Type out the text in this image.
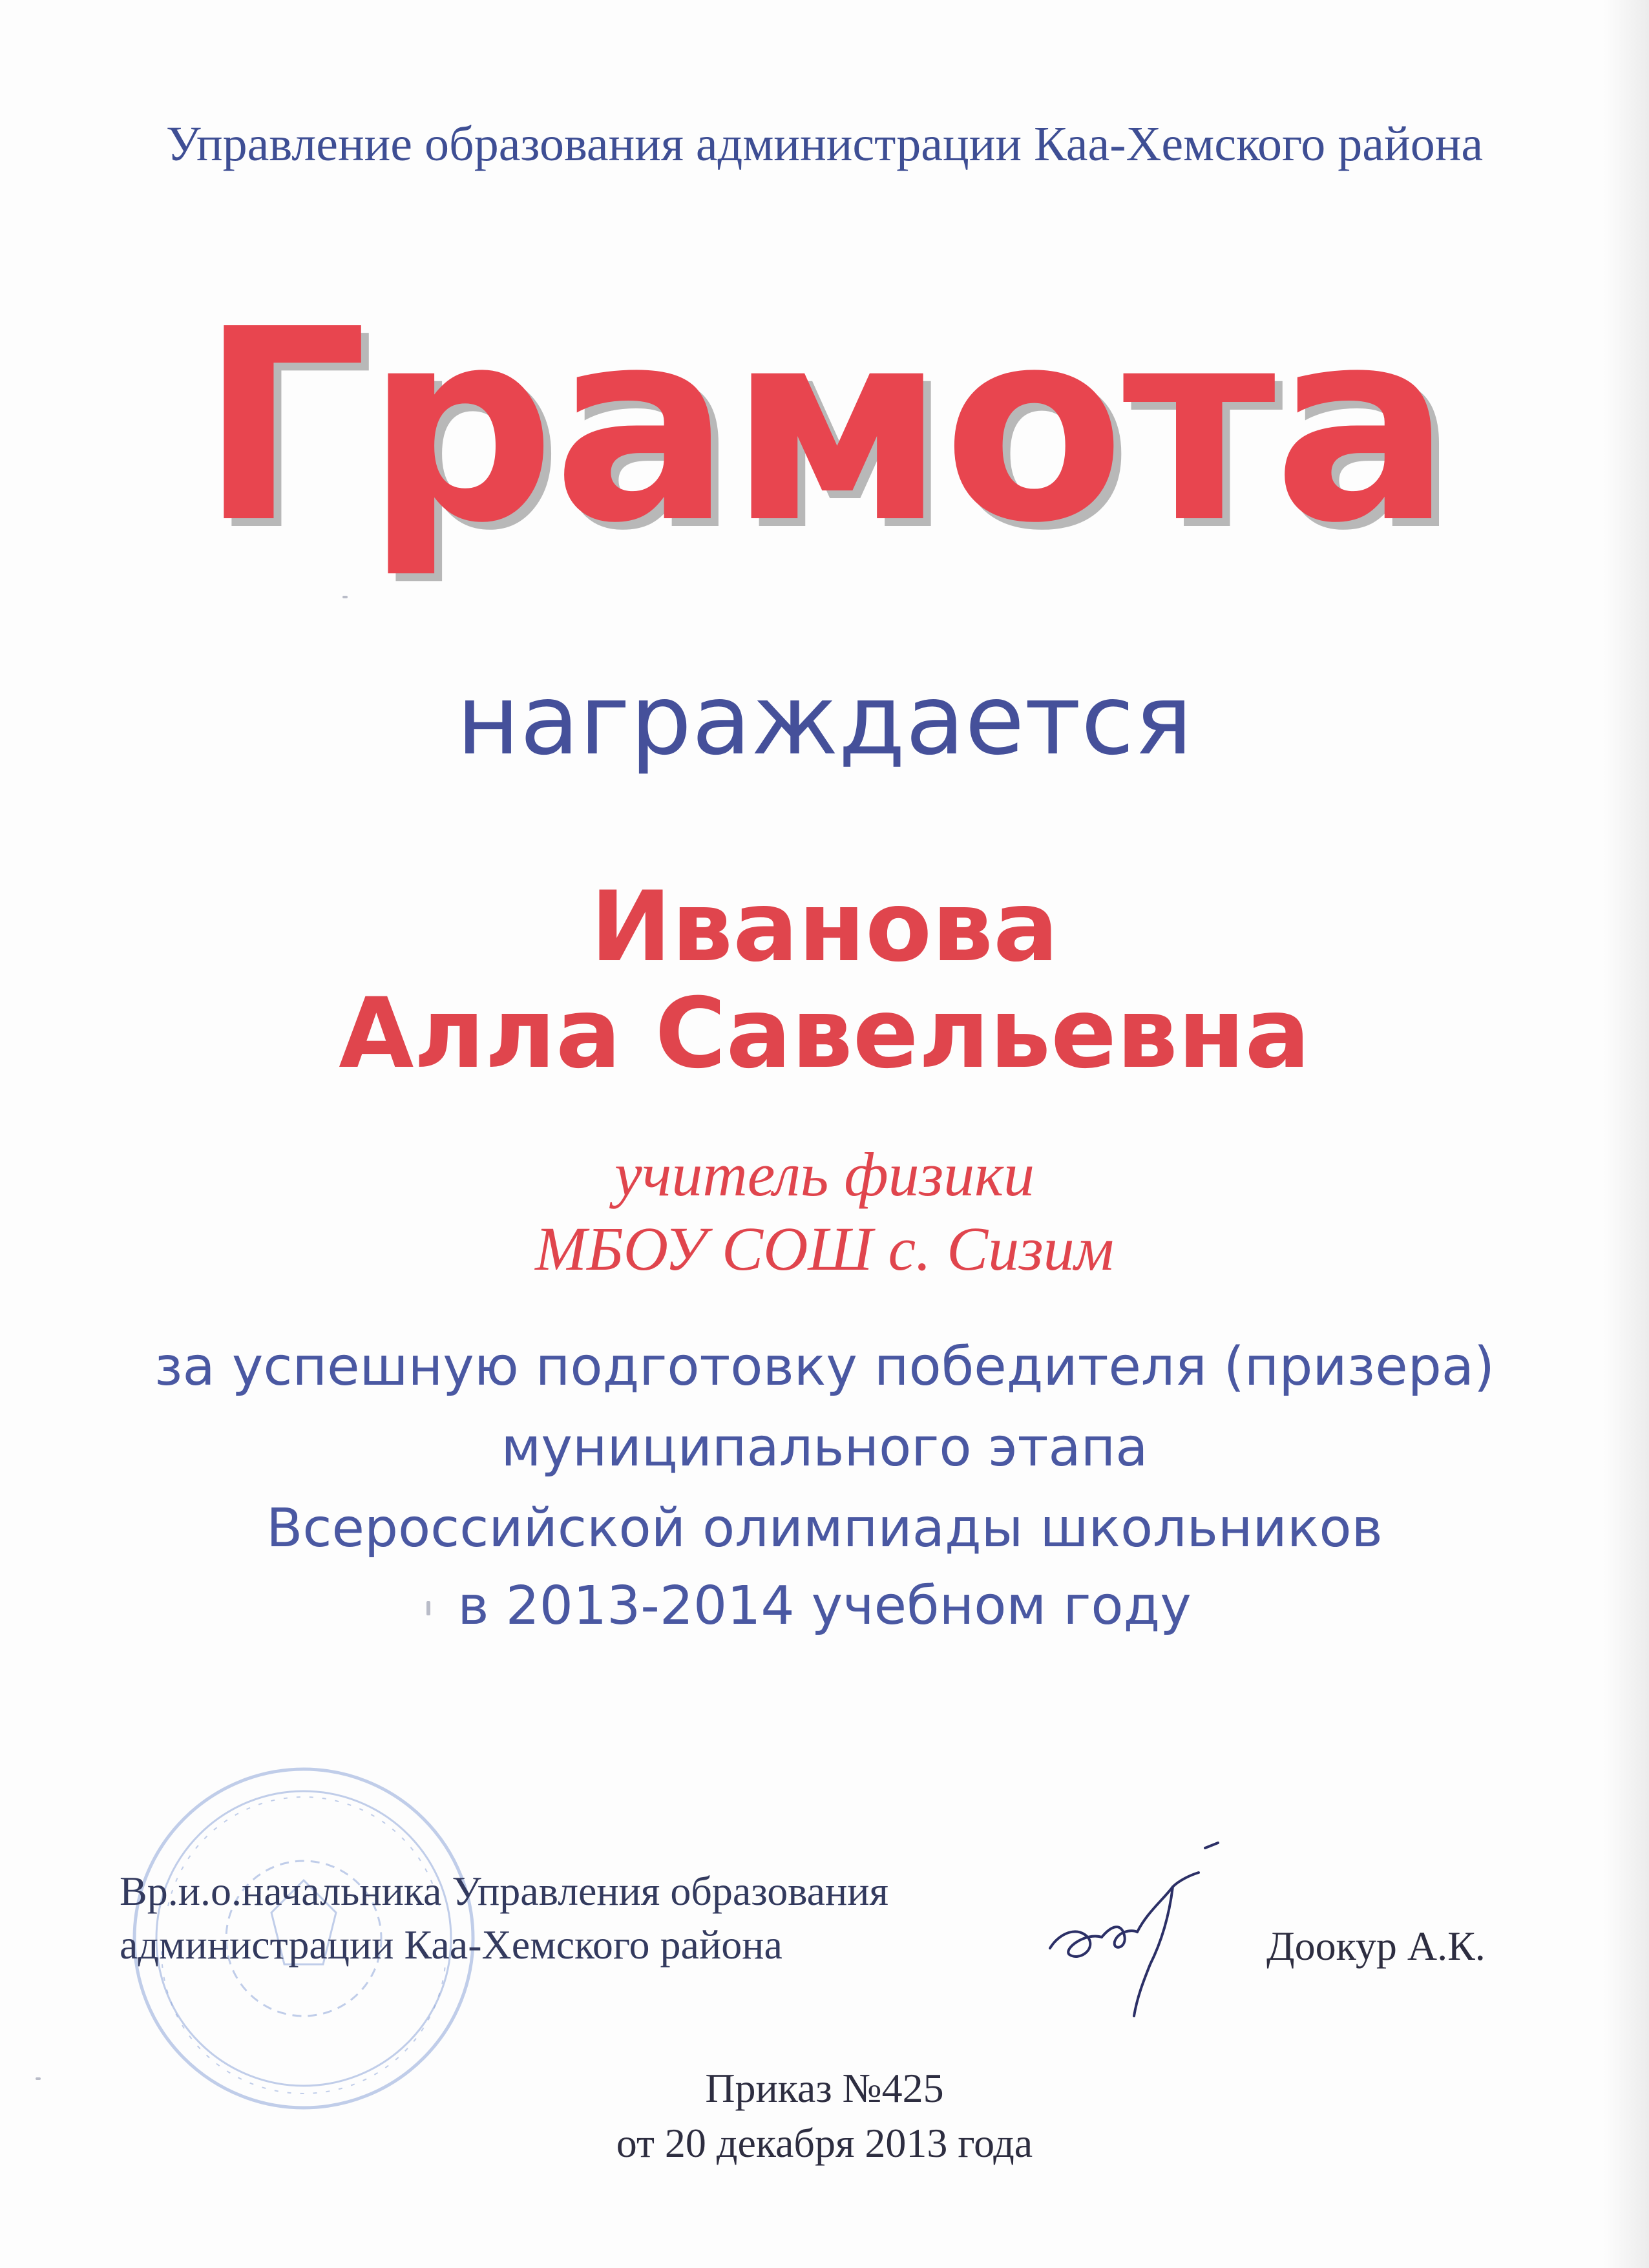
Управление образования администрации Каа-Хемского района
Грамота
награждается
Иванова
Алла Савельевна
учитель физики
МБОУ СОШ с. Сизим
за успешную подготовку победителя (призера)
муниципального этапа
Всероссийской олимпиады школьников
в 2013-2014 учебном году
Вр.и.о.начальника Управления образования
администрации Каа-Хемского района	Доокур А.К.
Приказ №425
от 20 декабря 2013 года
